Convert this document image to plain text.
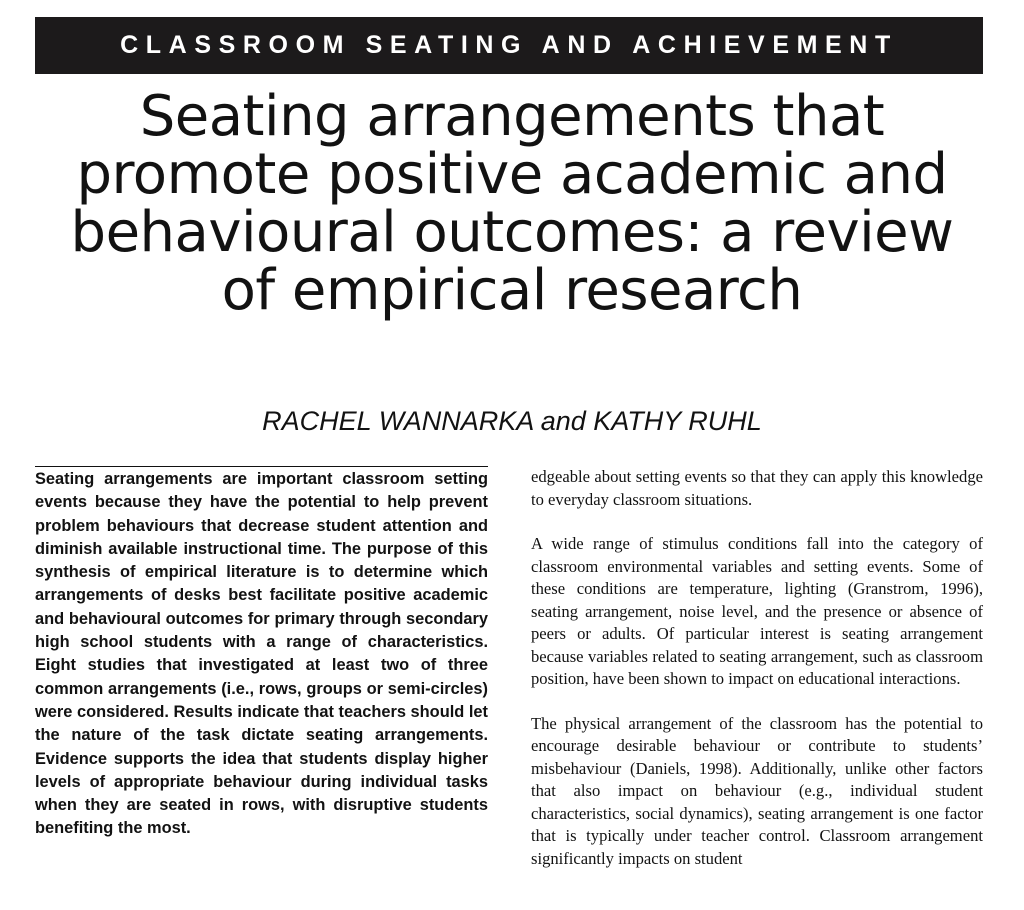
CLASSROOM SEATING AND ACHIEVEMENT
Seating arrangements that
promote positive academic and
behavioural outcomes: a review
of empirical research
RACHEL WANNARKA and KATHY RUHL
Seating arrangements are important classroom setting events because they have the potential to help prevent problem behaviours that decrease student attention and diminish available instructional time. The purpose of this synthesis of empirical literature is to determine which arrangements of desks best facilitate positive academic and behavioural outcomes for primary through secondary high school students with a range of characteristics. Eight studies that investigated at least two of three common arrangements (i.e., rows, groups or semi-circles) were considered. Results indicate that teachers should let the nature of the task dictate seating arrangements. Evidence supports the idea that students display higher levels of appropriate behaviour during individual tasks when they are seated in rows, with disruptive students benefiting the most.

edgeable about setting events so that they can apply this knowledge to everyday classroom situations.

A wide range of stimulus conditions fall into the category of classroom environmental variables and setting events. Some of these conditions are temperature, lighting (Granstrom, 1996), seating arrangement, noise level, and the presence or absence of peers or adults. Of particular interest is seating arrangement because variables related to seating arrangement, such as classroom position, have been shown to impact on educational interactions.

The physical arrangement of the classroom has the potential to encourage desirable behaviour or contribute to students’ misbehaviour (Daniels, 1998). Additionally, unlike other factors that also impact on behaviour (e.g., individual student characteristics, social dynamics), seating arrangement is one factor that is typically under teacher control. Classroom arrangement significantly impacts on student
